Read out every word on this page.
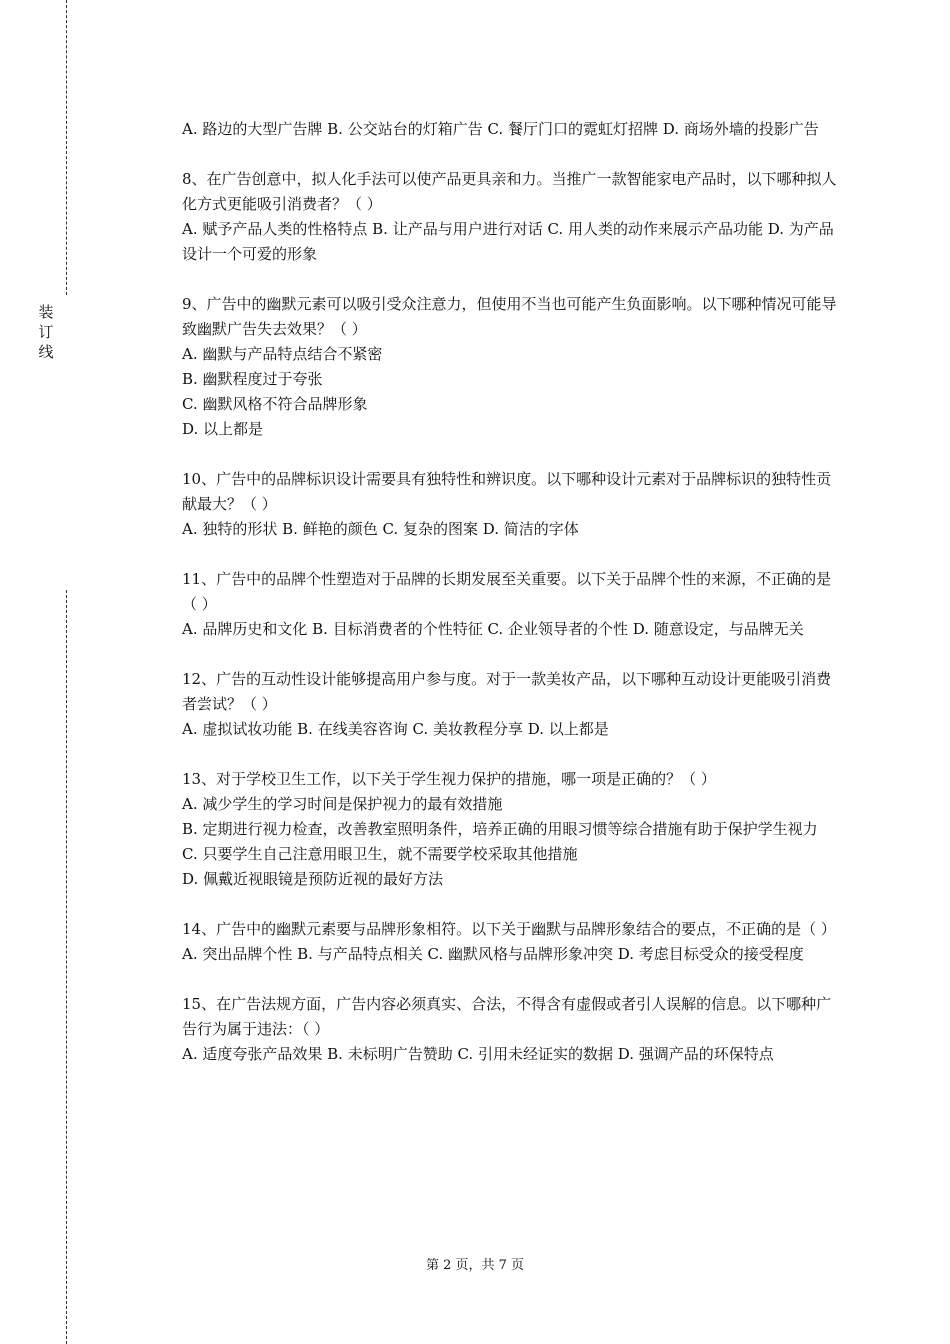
装
订
线
A. 路边的大型广告牌 B. 公交站台的灯箱广告 C. 餐厅门口的霓虹灯招牌 D. 商场外墙的投影广告
8、在广告创意中，拟人化手法可以使产品更具亲和力。当推广一款智能家电产品时，以下哪种拟人化方式更能吸引消费者？（ ）
A. 赋予产品人类的性格特点 B. 让产品与用户进行对话 C. 用人类的动作来展示产品功能 D. 为产品设计一个可爱的形象
9、广告中的幽默元素可以吸引受众注意力，但使用不当也可能产生负面影响。以下哪种情况可能导致幽默广告失去效果？（ ）
A. 幽默与产品特点结合不紧密
B. 幽默程度过于夸张
C. 幽默风格不符合品牌形象
D. 以上都是
10、广告中的品牌标识设计需要具有独特性和辨识度。以下哪种设计元素对于品牌标识的独特性贡献最大？（ ）
A. 独特的形状 B. 鲜艳的颜色 C. 复杂的图案 D. 简洁的字体
11、广告中的品牌个性塑造对于品牌的长期发展至关重要。以下关于品牌个性的来源，不正确的是（ ）
A. 品牌历史和文化 B. 目标消费者的个性特征 C. 企业领导者的个性 D. 随意设定，与品牌无关
12、广告的互动性设计能够提高用户参与度。对于一款美妆产品，以下哪种互动设计更能吸引消费者尝试？（ ）
A. 虚拟试妆功能 B. 在线美容咨询 C. 美妆教程分享 D. 以上都是
13、对于学校卫生工作，以下关于学生视力保护的措施，哪一项是正确的？（ ）
A. 减少学生的学习时间是保护视力的最有效措施
B. 定期进行视力检查，改善教室照明条件，培养正确的用眼习惯等综合措施有助于保护学生视力
C. 只要学生自己注意用眼卫生，就不需要学校采取其他措施
D. 佩戴近视眼镜是预防近视的最好方法
14、广告中的幽默元素要与品牌形象相符。以下关于幽默与品牌形象结合的要点，不正确的是（ ）
A. 突出品牌个性 B. 与产品特点相关 C. 幽默风格与品牌形象冲突 D. 考虑目标受众的接受程度
15、在广告法规方面，广告内容必须真实、合法，不得含有虚假或者引人误解的信息。以下哪种广告行为属于违法：（ ）
A. 适度夸张产品效果 B. 未标明广告赞助 C. 引用未经证实的数据 D. 强调产品的环保特点
第 2 页，共 7 页
